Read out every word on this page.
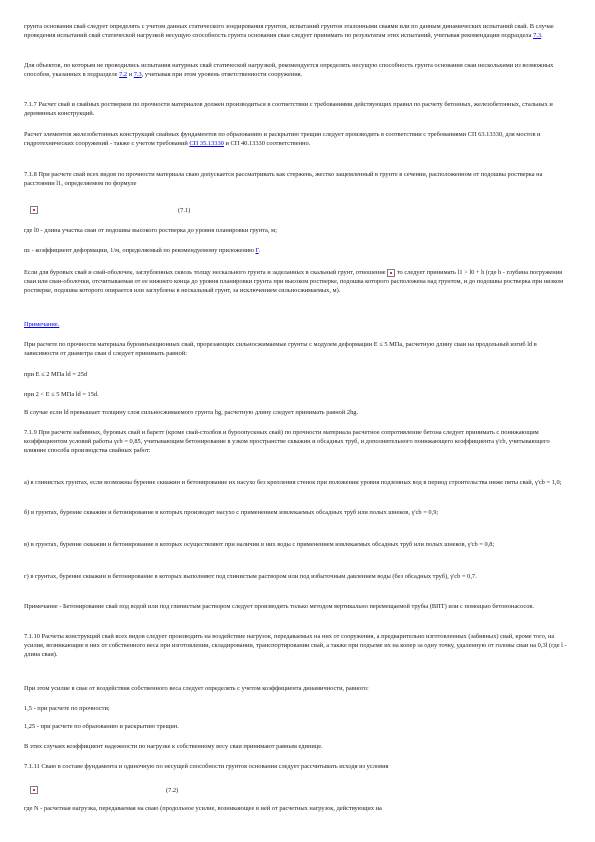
грунта основания свай следует определять с учетом данных статического зондирования грунтов, испытаний грунтов эталонными сваями или по данным динамических испытаний свай. В случае проведения испытаний свай статической нагрузкой несущую способность грунта основания сваи следует принимать по результатам этих испытаний, учитывая рекомендации подраздела 7.3.

Для объектов, по которым не проводились испытания натурных свай статической нагрузкой, рекомендуется определять несущую способность грунта основания сваи несколькими из возможных способов, указанных в подразделе 7.2 и 7.3, учитывая при этом уровень ответственности сооружения.

7.1.7 Расчет свай и свайных ростверков по прочности материалов должен производиться в соответствии с требованиями действующих правил по расчету бетонных, железобетонных, стальных и деревянных конструкций.

Расчет элементов железобетонных конструкций свайных фундаментов по образованию и раскрытию трещин следует производить в соответствии с требованиями СП 63.13330, для мостов и гидротехнических сооружений - также с учетом требований СП 35.13330 и СП 40.13330 соответственно.

7.1.8 При расчете свай всех видов по прочности материала сваю допускается рассматривать как стержень, жестко защемленный в грунте в сечении, расположенном от подошвы ростверка на расстоянии l1, определяемом по формуле

(7.1)

где l0 - длина участка сваи от подошвы высокого ростверка до уровня планировки грунта, м;

αε - коэффициент деформации, 1/м, определяемый по рекомендуемому приложению Г.

Если для буровых свай и свай-оболочек, заглубленных сквозь толщу нескального грунта и заделанных в скальный грунт, отношение то следует принимать l1 > l0 + h (где h - глубина погружения сваи или сваи-оболочки, отсчитываемая от ее нижнего конца до уровня планировки грунта при высоком ростверке, подошва которого расположена над грунтом, и до подошвы ростверка при низком ростверке, подошва которого опирается или заглублена в нескальный грунт, за исключением сильносжимаемых, м).

Примечание.

При расчете по прочности материала буроинъекционных свай, прорезающих сильносжимаемые грунты с модулем деформации E ≤ 5 МПа, расчетную длину сваи на продольный изгиб ld в зависимости от диаметра сваи d следует принимать равной:

при E ≤ 2 МПа ld = 25d

при 2 < E ≤ 5 МПа ld = 15d.

В случае если ld превышает толщину слоя сильносжимаемого грунта hg, расчетную длину следует принимать равной 2hg.

7.1.9 При расчете набивных, буровых свай и баретт (кроме свай-столбов и буроопускных свай) по прочности материала расчетное сопротивление бетона следует принимать с понижающим коэффициентом условий работы γcb = 0,85, учитывающим бетонирование в узком пространстве скважин и обсадных труб, и дополнительного понижающего коэффициента γ'cb, учитывающего влияние способа производства свайных работ:

а) в глинистых грунтах, если возможны бурение скважин и бетонирование их насухо без крепления стенок при положении уровня подземных вод в период строительства ниже пяты свай, γ'cb = 1,0;

б) в грунтах, бурение скважин и бетонирование в которых производят насухо с применением извлекаемых обсадных труб или полых шнеков, γ'cb = 0,9;

в) в грунтах, бурение скважин и бетонирование в которых осуществляют при наличии в них воды с применением извлекаемых обсадных труб или полых шнеков, γ'cb = 0,8;

г) в грунтах, бурение скважин и бетонирование в которых выполняют под глинистым раствором или под избыточным давлением воды (без обсадных труб), γ'cb = 0,7.

Примечание - Бетонирование свай под водой или под глинистым раствором следует производить только методом вертикально перемещаемой трубы (ВПТ) или с помощью бетононасосов.

7.1.10 Расчеты конструкций свай всех видов следует производить на воздействие нагрузок, передаваемых на них от сооружения, а предварительно изготовленных (забивных) свай, кроме того, на усилия, возникающие в них от собственного веса при изготовлении, складировании, транспортировании свай, а также при подъеме их на копер за одну точку, удаленную от головы сваи на 0,3l (где l - длина сваи).

При этом усилие в свае от воздействия собственного веса следует определять с учетом коэффициента динамичности, равного:

1,5 - при расчете по прочности;

1,25 - при расчете по образованию и раскрытию трещин.

В этих случаях коэффициент надежности по нагрузке к собственному весу сваи принимают равным единице.

7.1.11 Сваю в составе фундамента и одиночную по несущей способности грунтов основания следует рассчитывать исходя из условия

(7.2)

где N - расчетная нагрузка, передаваемая на сваю (продольное усилие, возникающее в ней от расчетных нагрузок, действующих на
